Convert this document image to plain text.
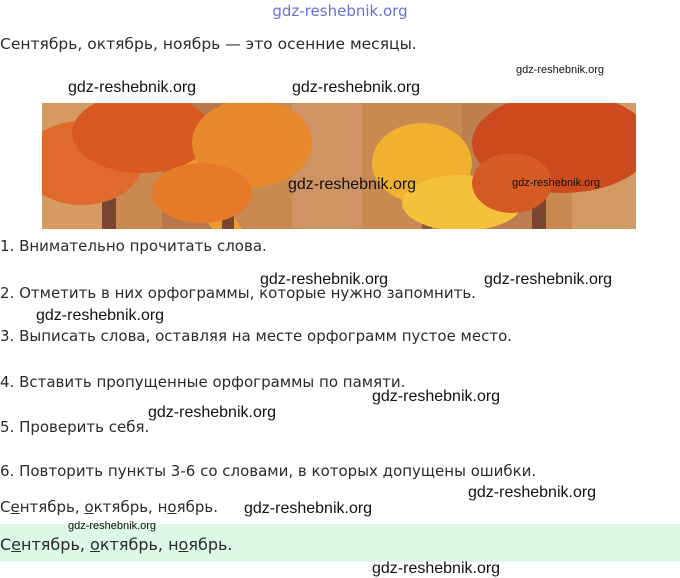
gdz-reshebnik.org
Сентябрь, октябрь, ноябрь — это осенние месяцы.
1. Внимательно прочитать слова.
2. Отметить в них орфограммы, которые нужно запомнить.
3. Выписать слова, оставляя на месте орфограмм пустое место.
4. Вставить пропущенные орфограммы по памяти.
5. Проверить себя.
6. Повторить пункты 3-6 со словами, в которых допущены ошибки.
Сентябрь, октябрь, ноябрь.
Сентябрь, октябрь, ноябрь.
gdz-reshebnik.org
gdz-reshebnik.org	gdz-reshebnik.org
gdz-reshebnik.org	gdz-reshebnik.org
gdz-reshebnik.org	gdz-reshebnik.org
gdz-reshebnik.org
gdz-reshebnik.org
gdz-reshebnik.org
gdz-reshebnik.org
gdz-reshebnik.org
gdz-reshebnik.org
gdz-reshebnik.org
